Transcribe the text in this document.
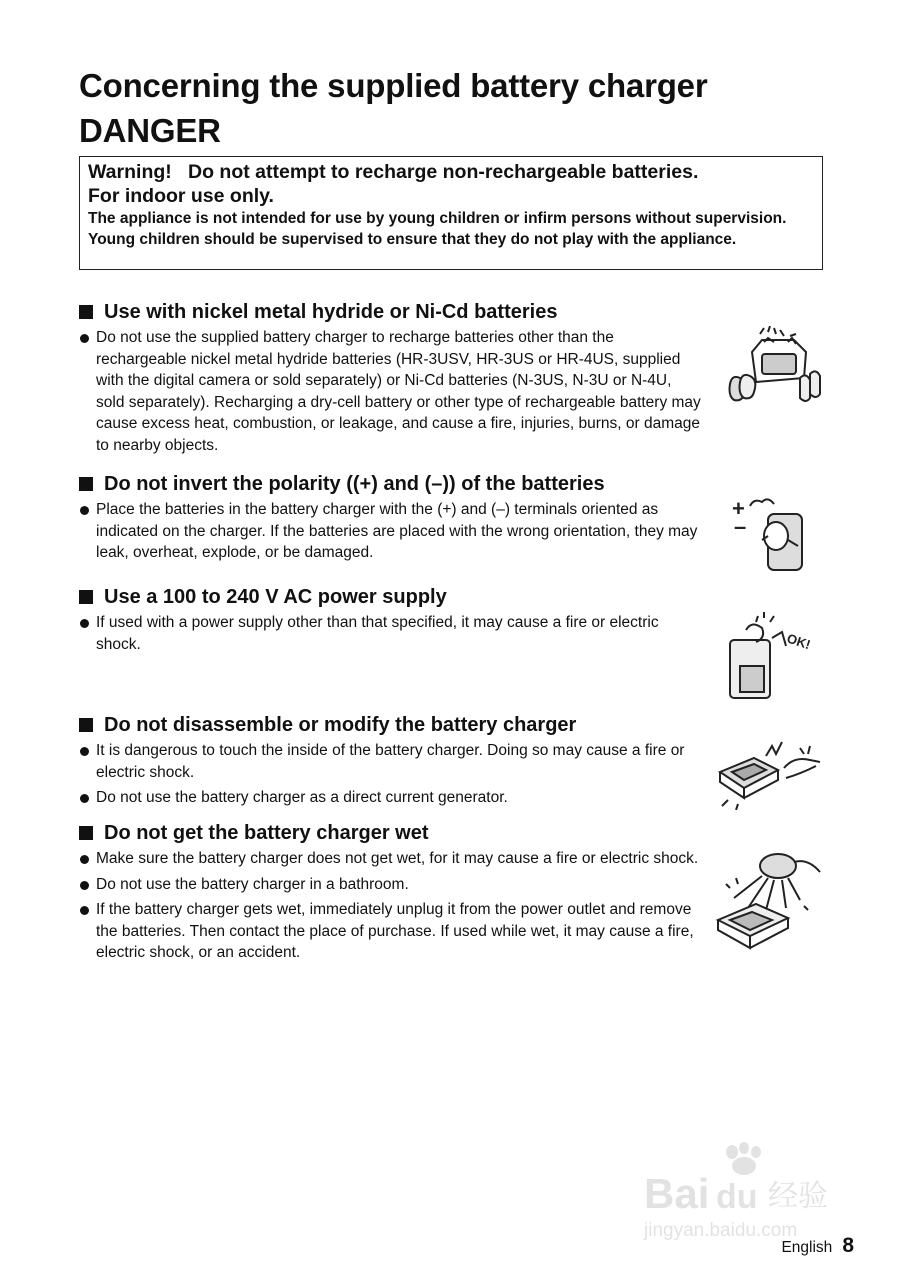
Concerning the supplied battery charger
DANGER
Warning!   Do not attempt to recharge non-rechargeable batteries.
For indoor use only.
The appliance is not intended for use by young children or infirm persons without supervision.
Young children should be supervised to ensure that they do not play with the appliance.
Use with nickel metal hydride or Ni-Cd batteries
Do not use the supplied battery charger to recharge batteries other than the rechargeable nickel metal hydride batteries (HR-3USV, HR-3US or HR-4US, supplied with the digital camera or sold separately) or Ni-Cd batteries (N-3US, N-3U or N-4U, sold separately). Recharging a dry-cell battery or other type of rechargeable battery may cause excess heat, combustion, or leakage, and cause a fire, injuries, burns, or damage to nearby objects.
Do not invert the polarity ((+) and (–)) of the batteries
Place the batteries in the battery charger with the (+) and (–) terminals oriented as indicated on the charger. If the batteries are placed with the wrong orientation, they may leak, overheat, explode, or be damaged.
Use a 100 to 240 V AC power supply
If used with a power supply other than that specified, it may cause a fire or electric shock.
Do not disassemble or modify the battery charger
It is dangerous to touch the inside of the battery charger. Doing so may cause a fire or electric shock.
Do not use the battery charger as a direct current generator.
Do not get the battery charger wet
Make sure the battery charger does not get wet, for it may cause a fire or electric shock.
Do not use the battery charger in a bathroom.
If the battery charger gets wet, immediately unplug it from the power outlet and remove the batteries. Then contact the place of purchase. If used while wet, it may cause a fire, electric shock, or an accident.
+
–
OK!
Bai du 经验
jingyan.baidu.com
English 8
